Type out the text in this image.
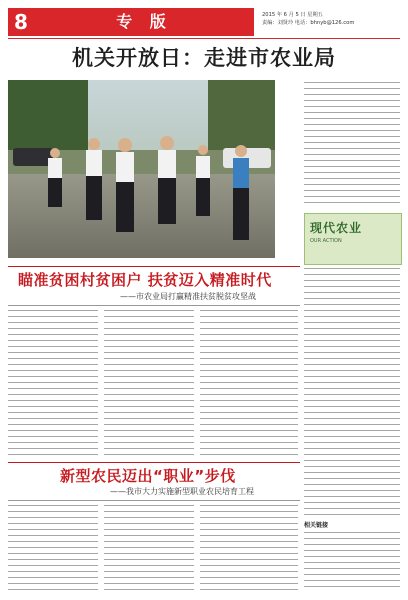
8	专 版	2015 年 6 月 5 日 星期五
责编：刘贤玲 电话：bhnyb@126.com
机关开放日：走进市农业局
现代农业
OUR ACTION
瞄准贫困村贫困户 扶贫迈入精准时代
——市农业局打赢精准扶贫脱贫攻坚战
新型农民迈出“职业”步伐
——我市大力实施新型职业农民培育工程
相关链接
